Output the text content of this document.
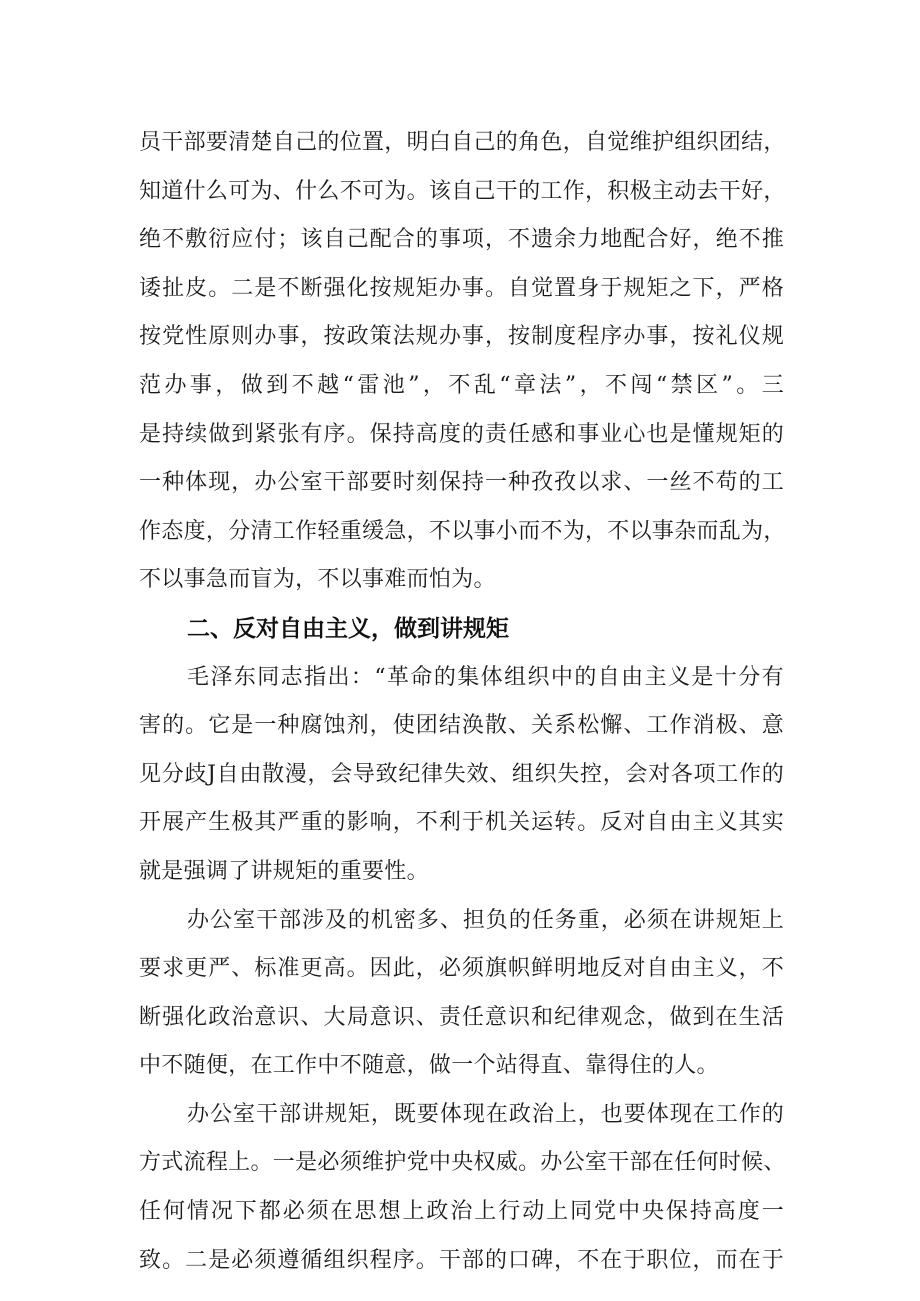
员干部要清楚自己的位置，明白自己的角色，自觉维护组织团结，
知道什么可为、什么不可为。该自己干的工作，积极主动去干好，
绝不敷衍应付；该自己配合的事项，不遗余力地配合好，绝不推
诿扯皮。二是不断强化按规矩办事。自觉置身于规矩之下，严格
按党性原则办事，按政策法规办事，按制度程序办事，按礼仪规
范办事，做到不越“雷池”，不乱“章法”，不闯“禁区”。三
是持续做到紧张有序。保持高度的责任感和事业心也是懂规矩的
一种体现，办公室干部要时刻保持一种孜孜以求、一丝不苟的工
作态度，分清工作轻重缓急，不以事小而不为，不以事杂而乱为，
不以事急而盲为，不以事难而怕为。
二、反对自由主义，做到讲规矩
毛泽东同志指出：“革命的集体组织中的自由主义是十分有
害的。它是一种腐蚀剂，使团结涣散、关系松懈、工作消极、意
见分歧J自由散漫，会导致纪律失效、组织失控，会对各项工作的
开展产生极其严重的影响，不利于机关运转。反对自由主义其实
就是强调了讲规矩的重要性。
办公室干部涉及的机密多、担负的任务重，必须在讲规矩上
要求更严、标准更高。因此，必须旗帜鲜明地反对自由主义，不
断强化政治意识、大局意识、责任意识和纪律观念，做到在生活
中不随便，在工作中不随意，做一个站得直、靠得住的人。
办公室干部讲规矩，既要体现在政治上，也要体现在工作的
方式流程上。一是必须维护党中央权威。办公室干部在任何时候、
任何情况下都必须在思想上政治上行动上同党中央保持高度一
致。二是必须遵循组织程序。干部的口碑，不在于职位，而在于
